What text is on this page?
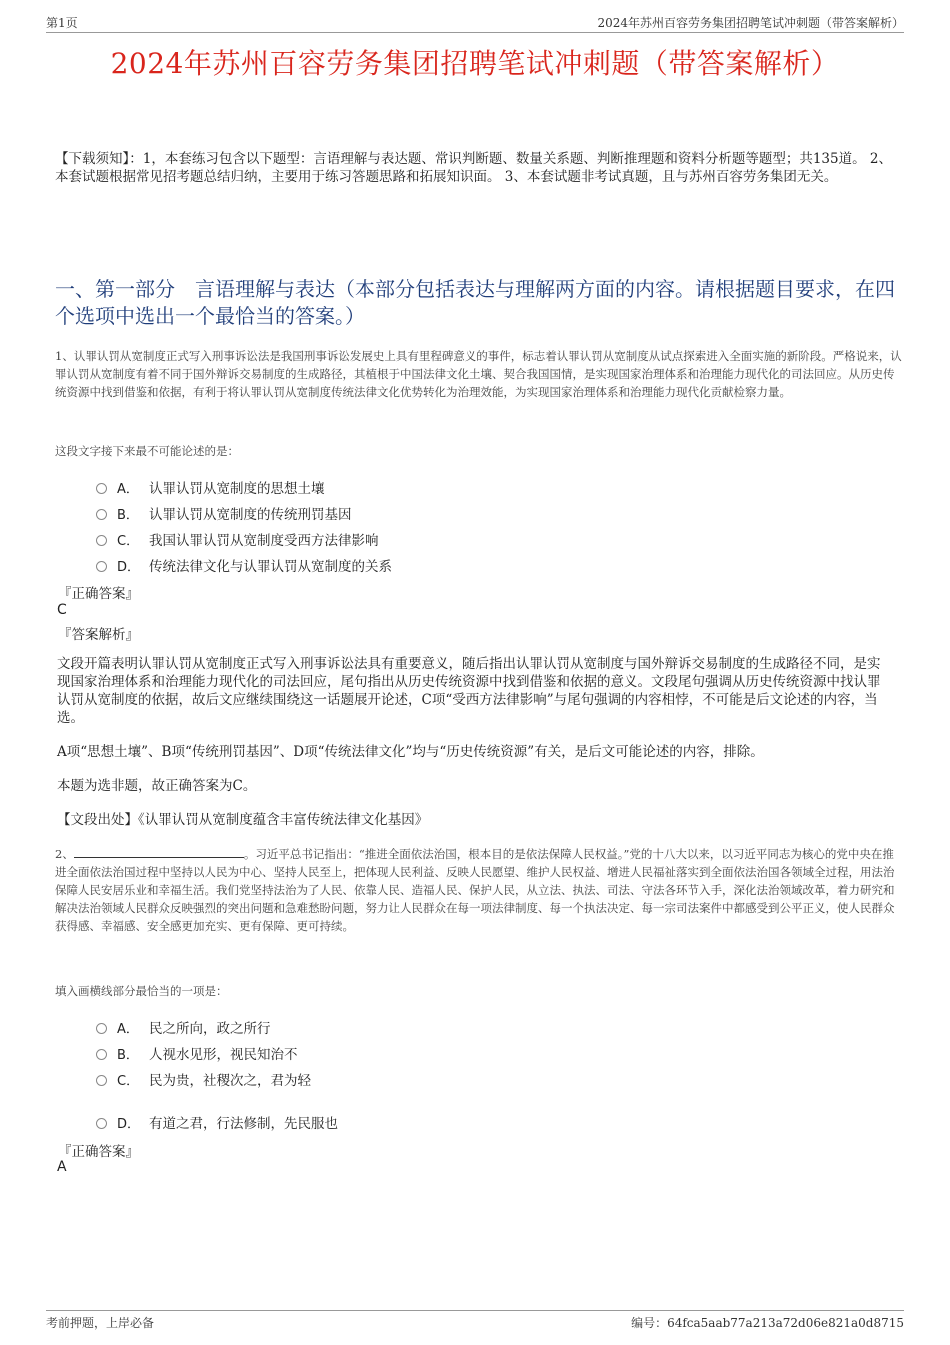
第1页	2024年苏州百容劳务集团招聘笔试冲刺题（带答案解析）
2024年苏州百容劳务集团招聘笔试冲刺题（带答案解析）
【下载须知】：1，本套练习包含以下题型：言语理解与表达题、常识判断题、数量关系题、判断推理题和资料分析题等题型；共135道。 2、本套试题根据常见招考题总结归纳，主要用于练习答题思路和拓展知识面。 3、本套试题非考试真题，且与苏州百容劳务集团无关。
一、第一部分　言语理解与表达（本部分包括表达与理解两方面的内容。请根据题目要求，在四个选项中选出一个最恰当的答案。）
1、认罪认罚从宽制度正式写入刑事诉讼法是我国刑事诉讼发展史上具有里程碑意义的事件，标志着认罪认罚从宽制度从试点探索进入全面实施的新阶段。严格说来，认罪认罚从宽制度有着不同于国外辩诉交易制度的生成路径，其植根于中国法律文化土壤、契合我国国情，是实现国家治理体系和治理能力现代化的司法回应。从历史传统资源中找到借鉴和依据，有利于将认罪认罚从宽制度传统法律文化优势转化为治理效能，为实现国家治理体系和治理能力现代化贡献检察力量。
这段文字接下来最不可能论述的是：
A． 认罪认罚从宽制度的思想土壤
B． 认罪认罚从宽制度的传统刑罚基因
C． 我国认罪认罚从宽制度受西方法律影响
D． 传统法律文化与认罪认罚从宽制度的关系
『正确答案』
C
『答案解析』
文段开篇表明认罪认罚从宽制度正式写入刑事诉讼法具有重要意义，随后指出认罪认罚从宽制度与国外辩诉交易制度的生成路径不同，是实现国家治理体系和治理能力现代化的司法回应，尾句指出从历史传统资源中找到借鉴和依据的意义。文段尾句强调从历史传统资源中找认罪认罚从宽制度的依据，故后文应继续围绕这一话题展开论述，C项“受西方法律影响”与尾句强调的内容相悖，不可能是后文论述的内容，当选。
A项“思想土壤”、B项“传统刑罚基因”、D项“传统法律文化”均与“历史传统资源”有关，是后文可能论述的内容，排除。
本题为选非题，故正确答案为C。
【文段出处】《认罪认罚从宽制度蕴含丰富传统法律文化基因》
2、	。习近平总书记指出：“推进全面依法治国，根本目的是依法保障人民权益。”党的十八大以来，以习近平同志为核心的党中央在推进全面依法治国过程中坚持以人民为中心、坚持人民至上，把体现人民利益、反映人民愿望、维护人民权益、增进人民福祉落实到全面依法治国各领域全过程，用法治保障人民安居乐业和幸福生活。我们党坚持法治为了人民、依靠人民、造福人民、保护人民，从立法、执法、司法、守法各环节入手，深化法治领域改革，着力研究和解决法治领域人民群众反映强烈的突出问题和急难愁盼问题，努力让人民群众在每一项法律制度、每一个执法决定、每一宗司法案件中都感受到公平正义，使人民群众获得感、幸福感、安全感更加充实、更有保障、更可持续。
填入画横线部分最恰当的一项是：
A． 民之所向，政之所行
B． 人视水见形，视民知治不
C． 民为贵，社稷次之，君为轻
D． 有道之君，行法修制，先民服也
『正确答案』
A
考前押题，上岸必备	编号：64fca5aab77a213a72d06e821a0d8715
